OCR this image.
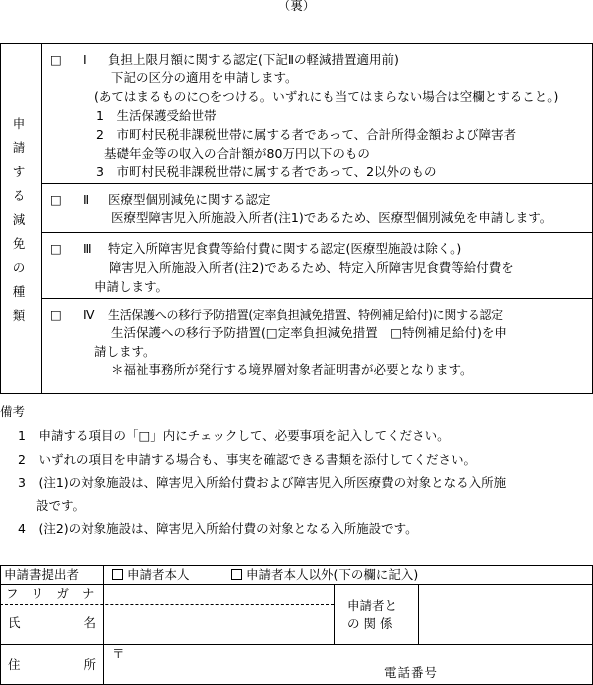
（裏）
申
請
す
る
減
免
の
種
類
□ Ⅰ 負担上限月額に関する認定(下記Ⅱの軽減措置適用前)
下記の区分の適用を申請します。
(あてはまるものに○をつける。いずれにも当てはまらない場合は空欄とすること。)
1　生活保護受給世帯
2　市町村民税非課税世帯に属する者であって、合計所得金額および障害者
基礎年金等の収入の合計額が80万円以下のもの
3　市町村民税非課税世帯に属する者であって、2以外のもの
□ Ⅱ 医療型個別減免に関する認定
医療型障害児入所施設入所者(注1)であるため、医療型個別減免を申請します。
□ Ⅲ 特定入所障害児食費等給付費に関する認定(医療型施設は除く。)
障害児入所施設入所者(注2)であるため、特定入所障害児食費等給付費を
申請します。
□ Ⅳ 生活保護への移行予防措置(定率負担減免措置、特例補足給付)に関する認定
生活保護への移行予防措置(□定率負担減免措置　□特例補足給付)を申
請します。
＊福祉事務所が発行する境界層対象者証明書が必要となります。
備考
1　申請する項目の「□」内にチェックして、必要事項を記入してください。
2　いずれの項目を申請する場合も、事実を確認できる書類を添付してください。
3　(注1)の対象施設は、障害児入所給付費および障害児入所医療費の対象となる入所施
設です。
4　(注2)の対象施設は、障害児入所給付費の対象となる入所施設です。
申請書提出者	申請者本人	申請者本人以外(下の欄に記入)
フリガナ
氏	名
申請者と
の関係
住	所
〒
電話番号
